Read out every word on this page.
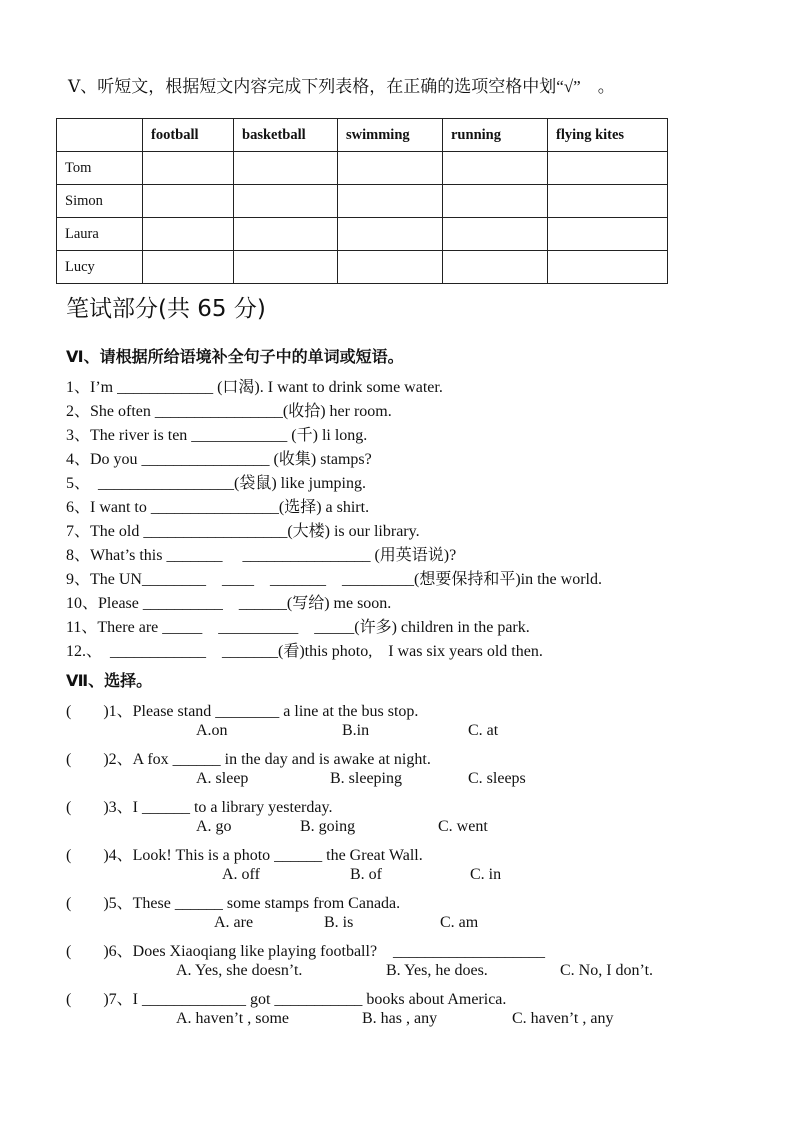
Ⅴ、听短文，根据短文内容完成下列表格，在正确的选项空格中划“√”　。
	football	basketball	swimming	running	flying kites
Tom					
Simon					
Laura					
Lucy					
笔试部分(共 65 分)
Ⅵ、请根据所给语境补全句子中的单词或短语。
1、I’m ____________ (口渴). I want to drink some water.
2、She often ________________(收拾) her room.
3、The river is ten ____________ (千) li long.
4、Do you ________________ (收集) stamps?
5、　_________________(袋鼠) like jumping.
6、I want to ________________(选择) a shirt.
7、The old __________________(大楼) is our library.
8、What’s this _______　 ________________ (用英语说)?
9、The UN________　____　_______　_________(想要保持和平)in the world.
10、Please __________　______(写给) me soon.
11、There are _____　__________　_____(许多) children in the park.
12.、　____________　_______(看)this photo,　I was six years old then.
Ⅶ、选择。
(　　)1、Please stand ________ a line at the bus stop.
A.on	B.in	C. at
(　　)2、A fox ______ in the day and is awake at night.
A. sleep	B. sleeping	C. sleeps
(　　)3、I ______ to a library yesterday.
A. go	B. going	C. went
(　　)4、Look! This is a photo ______ the Great Wall.
A. off	B. of	C. in
(　　)5、These ______ some stamps from Canada.
A. are	B. is	C. am
(　　)6、Does Xiaoqiang like playing football?　___________________
A. Yes, she doesn’t.	B. Yes, he does.	C. No, I don’t.
(　　)7、I _____________ got ___________ books about America.
A. haven’t , some	B. has , any	C. haven’t , any
